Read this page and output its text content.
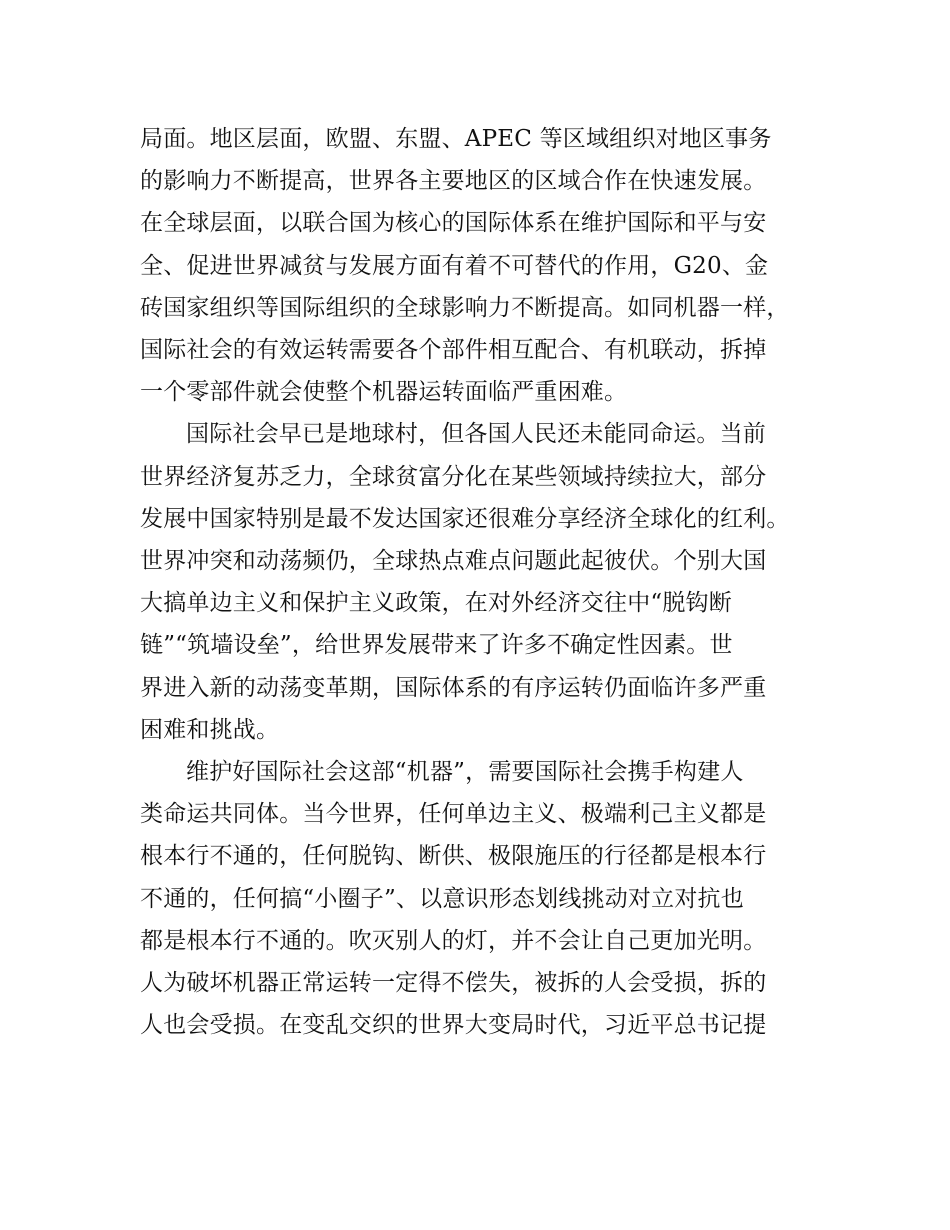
局面。地区层面，欧盟、东盟、APEC 等区域组织对地区事务
的影响力不断提高，世界各主要地区的区域合作在快速发展。
在全球层面，以联合国为核心的国际体系在维护国际和平与安
全、促进世界减贫与发展方面有着不可替代的作用，G20、金
砖国家组织等国际组织的全球影响力不断提高。如同机器一样，
国际社会的有效运转需要各个部件相互配合、有机联动，拆掉
一个零部件就会使整个机器运转面临严重困难。

国际社会早已是地球村，但各国人民还未能同命运。当前
世界经济复苏乏力，全球贫富分化在某些领域持续拉大，部分
发展中国家特别是最不发达国家还很难分享经济全球化的红利。
世界冲突和动荡频仍，全球热点难点问题此起彼伏。个别大国
大搞单边主义和保护主义政策，在对外经济交往中“脱钩断
链”“筑墙设垒”，给世界发展带来了许多不确定性因素。世
界进入新的动荡变革期，国际体系的有序运转仍面临许多严重
困难和挑战。

维护好国际社会这部“机器”，需要国际社会携手构建人
类命运共同体。当今世界，任何单边主义、极端利己主义都是
根本行不通的，任何脱钩、断供、极限施压的行径都是根本行
不通的，任何搞“小圈子”、以意识形态划线挑动对立对抗也
都是根本行不通的。吹灭别人的灯，并不会让自己更加光明。
人为破坏机器正常运转一定得不偿失，被拆的人会受损，拆的
人也会受损。在变乱交织的世界大变局时代，习近平总书记提
